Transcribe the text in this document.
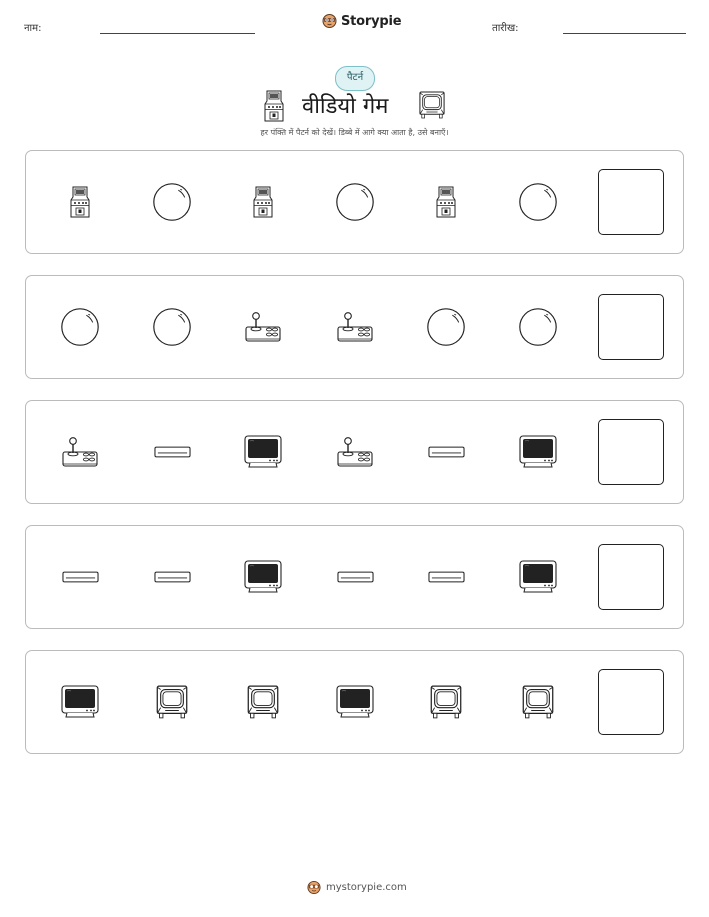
नाम:	Storypie	तारीख:
पैटर्न
वीडियो गेम
हर पंक्ति में पैटर्न को देखें। डिब्बे में आगे क्या आता है, उसे बनाएँ।
mystorypie.com
